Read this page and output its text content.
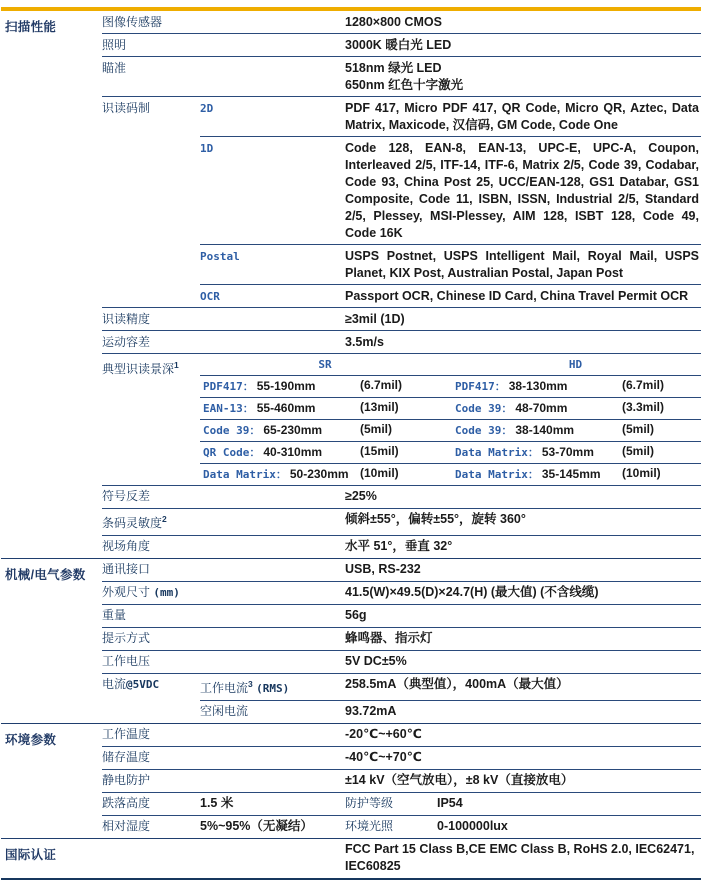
扫描性能	图像传感器	1280×800 CMOS
照明	3000K 暖白光 LED
瞄准	518nm 绿光 LED
650nm 红色十字激光
识读码制	2D	PDF 417, Micro PDF 417, QR Code, Micro QR, Aztec, Data Matrix, Maxicode, 汉信码, GM Code, Code One
1D	Code 128, EAN-8, EAN-13, UPC-E, UPC-A, Coupon, Interleaved 2/5, ITF-14, ITF-6, Matrix 2/5, Code 39, Codabar, Code 93, China Post 25, UCC/EAN-128, GS1 Databar, GS1 Composite, Code 11, ISBN, ISSN, Industrial 2/5, Standard 2/5, Plessey, MSI-Plessey, AIM 128, ISBT 128, Code 49, Code 16K
Postal	USPS Postnet, USPS Intelligent Mail, Royal Mail, USPS Planet, KIX Post, Australian Postal, Japan Post
OCR	Passport OCR, Chinese ID Card, China Travel Permit OCR
识读精度	≥3mil (1D)
运动容差	3.5m/s
典型识读景深$^1$	SR	HD
PDF417： 55-190mm	(6.7mil)	PDF417： 38-130mm	(6.7mil)
EAN-13： 55-460mm	(13mil)	Code 39： 48-70mm	(3.3mil)
Code 39： 65-230mm	(5mil)	Code 39： 38-140mm	(5mil)
QR Code： 40-310mm	(15mil)	Data Matrix： 53-70mm	(5mil)
Data Matrix： 50-230mm (10mil)	Data Matrix： 35-145mm	(10mil)
符号反差	≥25%
条码灵敏度$^2$	倾斜±55°，偏转±55°，旋转 360°
视场角度	水平 51°，垂直 32°
机械/电气参数	通讯接口	USB, RS-232
外观尺寸 (mm)	41.5(W)×49.5(D)×24.7(H) (最大值) (不含线缆)
重量	56g
提示方式	蜂鸣器、指示灯
工作电压	5V DC±5%
电流@5VDC	工作电流$^3$ (RMS)	258.5mA（典型值），400mA（最大值）
空闲电流	93.72mA
环境参数	工作温度	-20℃~+60℃
储存温度	-40℃~+70℃
静电防护	±14 kV（空气放电），±8 kV（直接放电）
跌落高度	1.5 米	防护等级	IP54
相对湿度	5%~95%（无凝结）	环境光照	0-100000lux
国际认证	FCC Part 15 Class B,CE EMC Class B, RoHS 2.0, IEC62471, IEC60825
